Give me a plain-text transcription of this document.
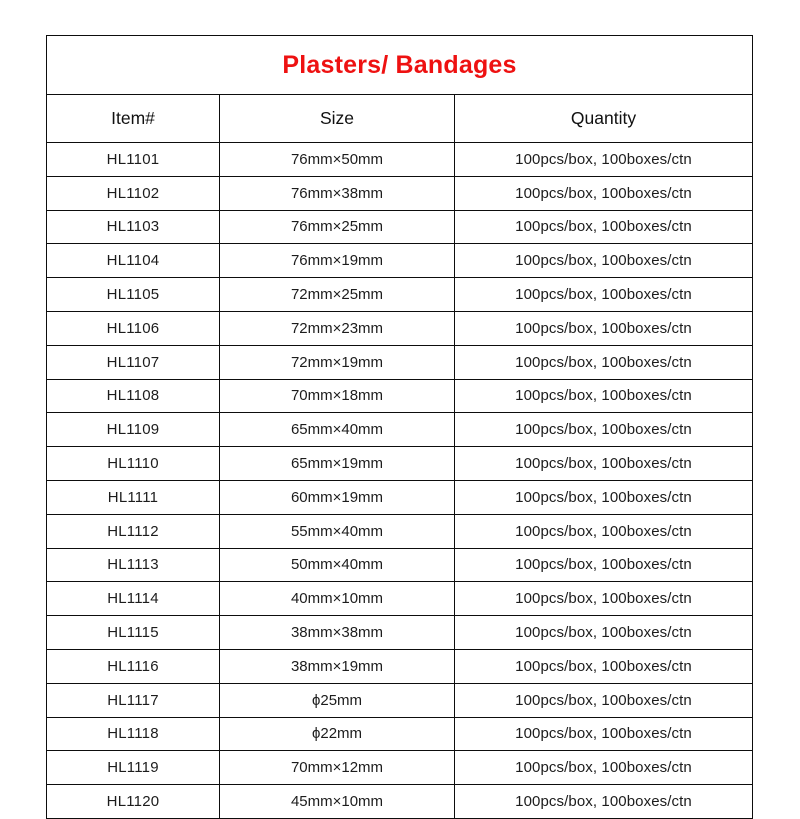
Plasters/ Bandages		

Item#	Size	Quantity

HL1101	76mm×50mm	100pcs/box, 100boxes/ctn

HL1102	76mm×38mm	100pcs/box, 100boxes/ctn

HL1103	76mm×25mm	100pcs/box, 100boxes/ctn

HL1104	76mm×19mm	100pcs/box, 100boxes/ctn

HL1105	72mm×25mm	100pcs/box, 100boxes/ctn

HL1106	72mm×23mm	100pcs/box, 100boxes/ctn

HL1107	72mm×19mm	100pcs/box, 100boxes/ctn

HL1108	70mm×18mm	100pcs/box, 100boxes/ctn

HL1109	65mm×40mm	100pcs/box, 100boxes/ctn

HL1110	65mm×19mm	100pcs/box, 100boxes/ctn

HL1111	60mm×19mm	100pcs/box, 100boxes/ctn

HL1112	55mm×40mm	100pcs/box, 100boxes/ctn

HL1113	50mm×40mm	100pcs/box, 100boxes/ctn

HL1114	40mm×10mm	100pcs/box, 100boxes/ctn

HL1115	38mm×38mm	100pcs/box, 100boxes/ctn

HL1116	38mm×19mm	100pcs/box, 100boxes/ctn

HL1117	ϕ25mm	100pcs/box, 100boxes/ctn

HL1118	ϕ22mm	100pcs/box, 100boxes/ctn

HL1119	70mm×12mm	100pcs/box, 100boxes/ctn

HL1120	45mm×10mm	100pcs/box, 100boxes/ctn
